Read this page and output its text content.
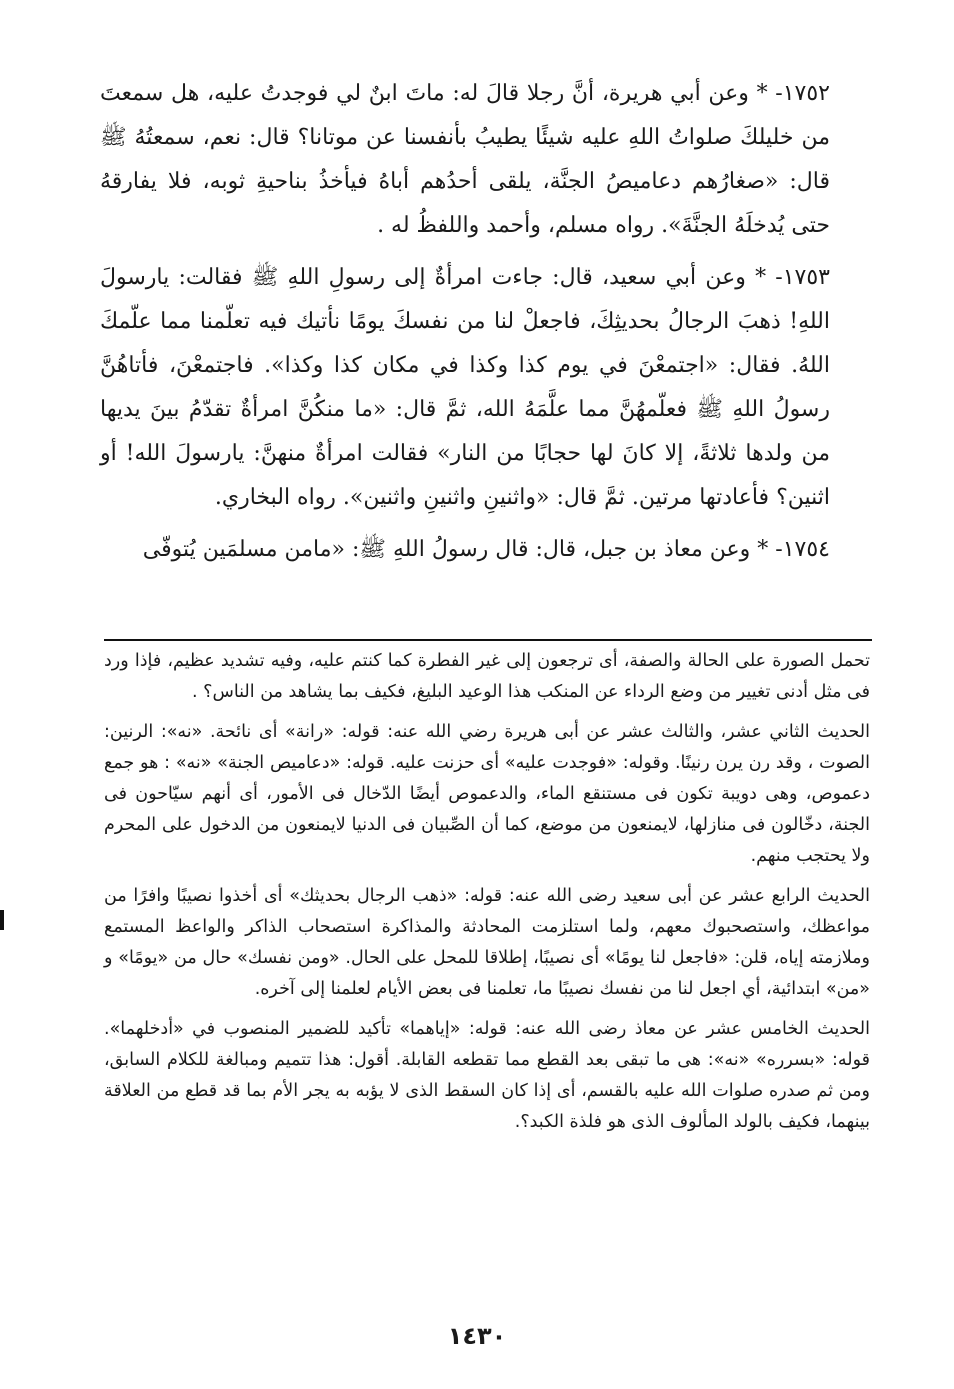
١٧٥٢- * وعن أبي هريرة، أنَّ رجلا قالَ له: ماتَ ابنٌ لي فوجدتُ عليه، هل سمعتَ من خليلكَ صلواتُ اللهِ عليه شيئًا يطيبُ بأنفسنا عن موتانا؟ قال: نعم، سمعتُهُ ﷺ قال: «صغارُهم دعاميصُ الجنَّة، يلقى أحدُهم أباهُ فيأخذُ بناحيةِ ثوبه، فلا يفارقهُ حتى يُدخلَهُ الجنَّةَ». رواه مسلم، وأحمد واللفظُ له .

١٧٥٣- * وعن أبي سعيد، قال: جاءت امرأةٌ إلى رسولِ اللهِ ﷺ فقالت: يارسولَ اللهِ! ذهبَ الرجالُ بحديثِكَ، فاجعلْ لنا من نفسكَ يومًا نأتيك فيه تعلّمنا مما علّمكَ اللهُ. فقال: «اجتمعْنَ في يوم كذا وكذا في مكان كذا وكذا». فاجتمعْنَ، فأتاهُنَّ رسولُ اللهِ ﷺ فعلّمهُنَّ مما علَّمَهُ الله، ثمَّ قال: «ما منكُنَّ امرأةٌ تقدّمُ بينَ يديها من ولدها ثلاثةً، إلا كانَ لها حجابًا من النار» فقالت امرأةٌ منهنَّ: يارسولَ الله! أو اثنين؟ فأعادتها مرتين. ثمَّ قال: «واثنينِ واثنينِ واثنين». رواه البخاري.

١٧٥٤- * وعن معاذ بن جبل، قال: قال رسولُ اللهِ ﷺ: «مامن مسلمَين يُتوفّى

تحمل الصورة على الحالة والصفة، أى ترجعون إلى غير الفطرة كما كنتم عليه، وفيه تشديد عظيم، فإذا ورد فى مثل أدنى تغيير من وضع الرداء عن المنكب هذا الوعيد البليغ، فكيف بما يشاهد من الناس؟ .

الحديث الثاني عشر، والثالث عشر عن أبى هريرة رضي الله عنه: قوله: «رانة» أى نائحة. «نه»: الرنين: الصوت ، وقد رن يرن رنينًا. وقوله: «فوجدت عليه» أى حزنت عليه. قوله: «دعاميص الجنة» «نه» : هو جمع دعموص، وهى دويبة تكون فى مستنقع الماء، والدعموص أيضًا الدّخال فى الأمور، أى أنهم سيّاحون فى الجنة، دخّالون فى منازلها، لايمنعون من موضع، كما أن الصِّبيان فى الدنيا لايمنعون من الدخول على المحرم ولا يحتجب منهم.

الحديث الرابع عشر عن أبى سعيد رضى الله عنه: قوله: «ذهب الرجال بحديثك» أى أخذوا نصيبًا وافرًا من مواعظك، واستصحبوك معهم، ولما استلزمت المحادثة والمذاكرة استصحاب الذاكر والواعظ المستمع وملازمته إياه، قلن: «فاجعل لنا يومًا» أى نصيبًا، إطلاقا للمحل على الحال. «ومن نفسك» حال من «يومًا» و «من» ابتدائية، أي اجعل لنا من نفسك نصيبًا ما، تعلمنا فى بعض الأيام لعلمنا إلى آخره.

الحديث الخامس عشر عن معاذ رضى الله عنه: قوله: «إياهما» تأكيد للضمير المنصوب في «أدخلهما». قوله: «بسرره» «نه»: هى ما تبقى بعد القطع مما تقطعه القابلة. أقول: هذا تتميم ومبالغة للكلام السابق، ومن ثم صدره صلوات الله عليه بالقسم، أى إذا كان السقط الذى لا يؤبه به يجر الأم بما قد قطع من العلاقة بينهما، فكيف بالولد المألوف الذى هو فلذة الكبد؟.

١٤٣٠
